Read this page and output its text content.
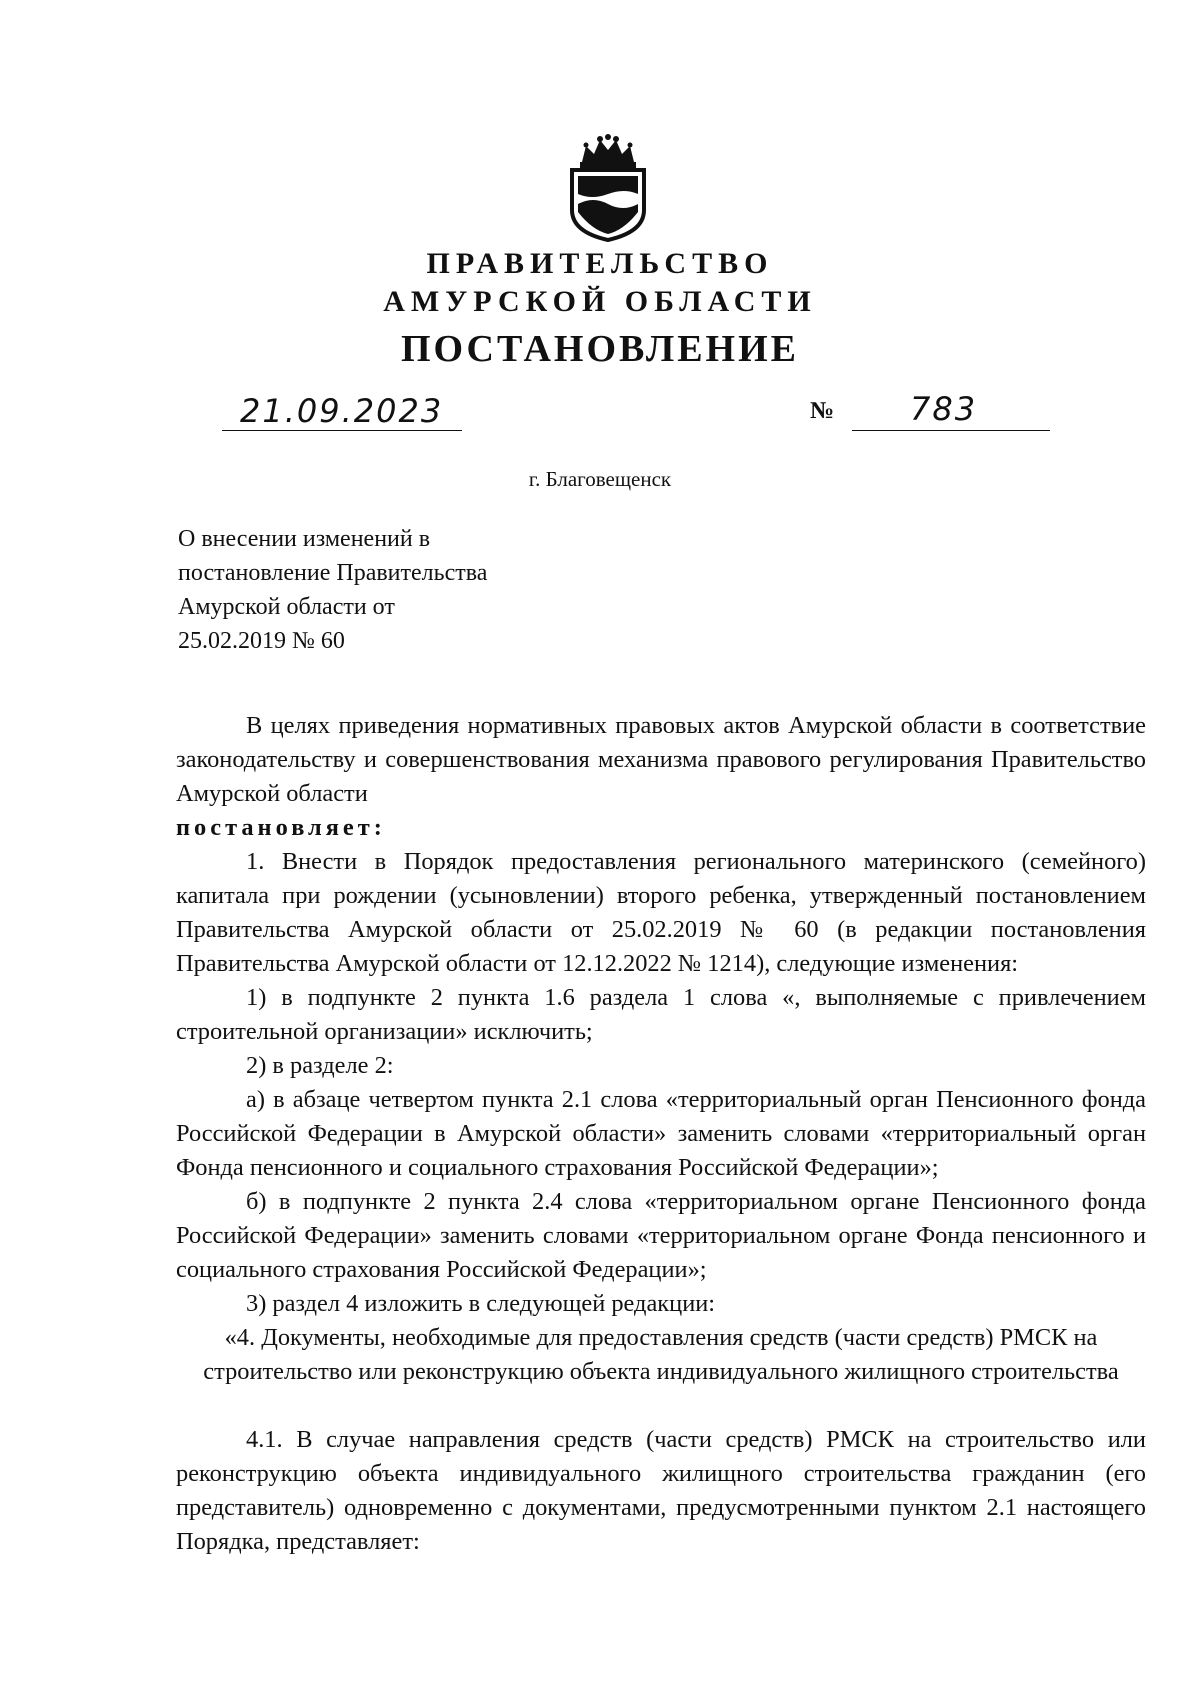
ПРАВИТЕЛЬСТВО
АМУРСКОЙ ОБЛАСТИ
ПОСТАНОВЛЕНИЕ
21.09.2023	№ 783
г. Благовещенск
О внесении изменений в
постановление Правительства
Амурской области от
25.02.2019 № 60

В целях приведения нормативных правовых актов Амурской области в соответствие законодательству и совершенствования механизма правового регулирования Правительство Амурской области

постановляет:

1. Внести в Порядок предоставления регионального материнского (семейного) капитала при рождении (усыновлении) второго ребенка, утвержденный постановлением Правительства Амурской области от 25.02.2019 № 60 (в редакции постановления Правительства Амурской области от 12.12.2022 № 1214), следующие изменения:

1) в подпункте 2 пункта 1.6 раздела 1 слова «, выполняемые с привлечением строительной организации» исключить;

2) в разделе 2:

а) в абзаце четвертом пункта 2.1 слова «территориальный орган Пенсионного фонда Российской Федерации в Амурской области» заменить словами «территориальный орган Фонда пенсионного и социального страхования Российской Федерации»;

б) в подпункте 2 пункта 2.4 слова «территориальном органе Пенсионного фонда Российской Федерации» заменить словами «территориальном органе Фонда пенсионного и социального страхования Российской Федерации»;

3) раздел 4 изложить в следующей редакции:

«4. Документы, необходимые для предоставления средств (части средств) РМСК на строительство или реконструкцию объекта индивидуального жилищного строительства

4.1. В случае направления средств (части средств) РМСК на строительство или реконструкцию объекта индивидуального жилищного строительства гражданин (его представитель) одновременно с документами, предусмотренными пунктом 2.1 настоящего Порядка, представляет:
